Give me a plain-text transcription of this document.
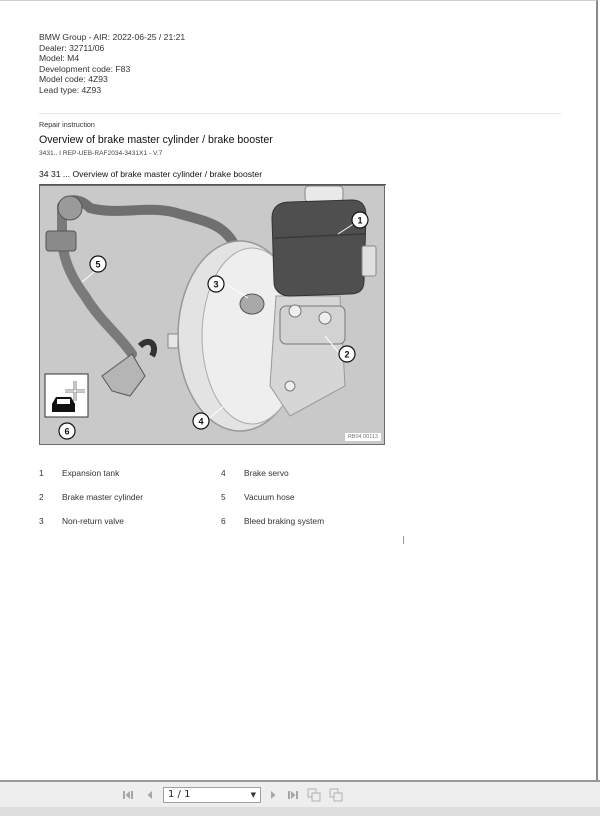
BMW Group - AIR: 2022-06-25 / 21:21
Dealer: 32711/06
Model: M4
Development code: F83
Model code: 4Z93
Lead type: 4Z93
Repair instruction
Overview of brake master cylinder / brake booster
3431.. I REP-UEB-RAF2034-3431X1 - V.7
34 31 ... Overview of brake master cylinder / brake booster
1
2
3
4
5
6
RB04 00113
1	Expansion tank
2	Brake master cylinder
3	Non-return valve
4	Brake servo
5	Vacuum hose
6	Bleed braking system
1 / 1	▼
